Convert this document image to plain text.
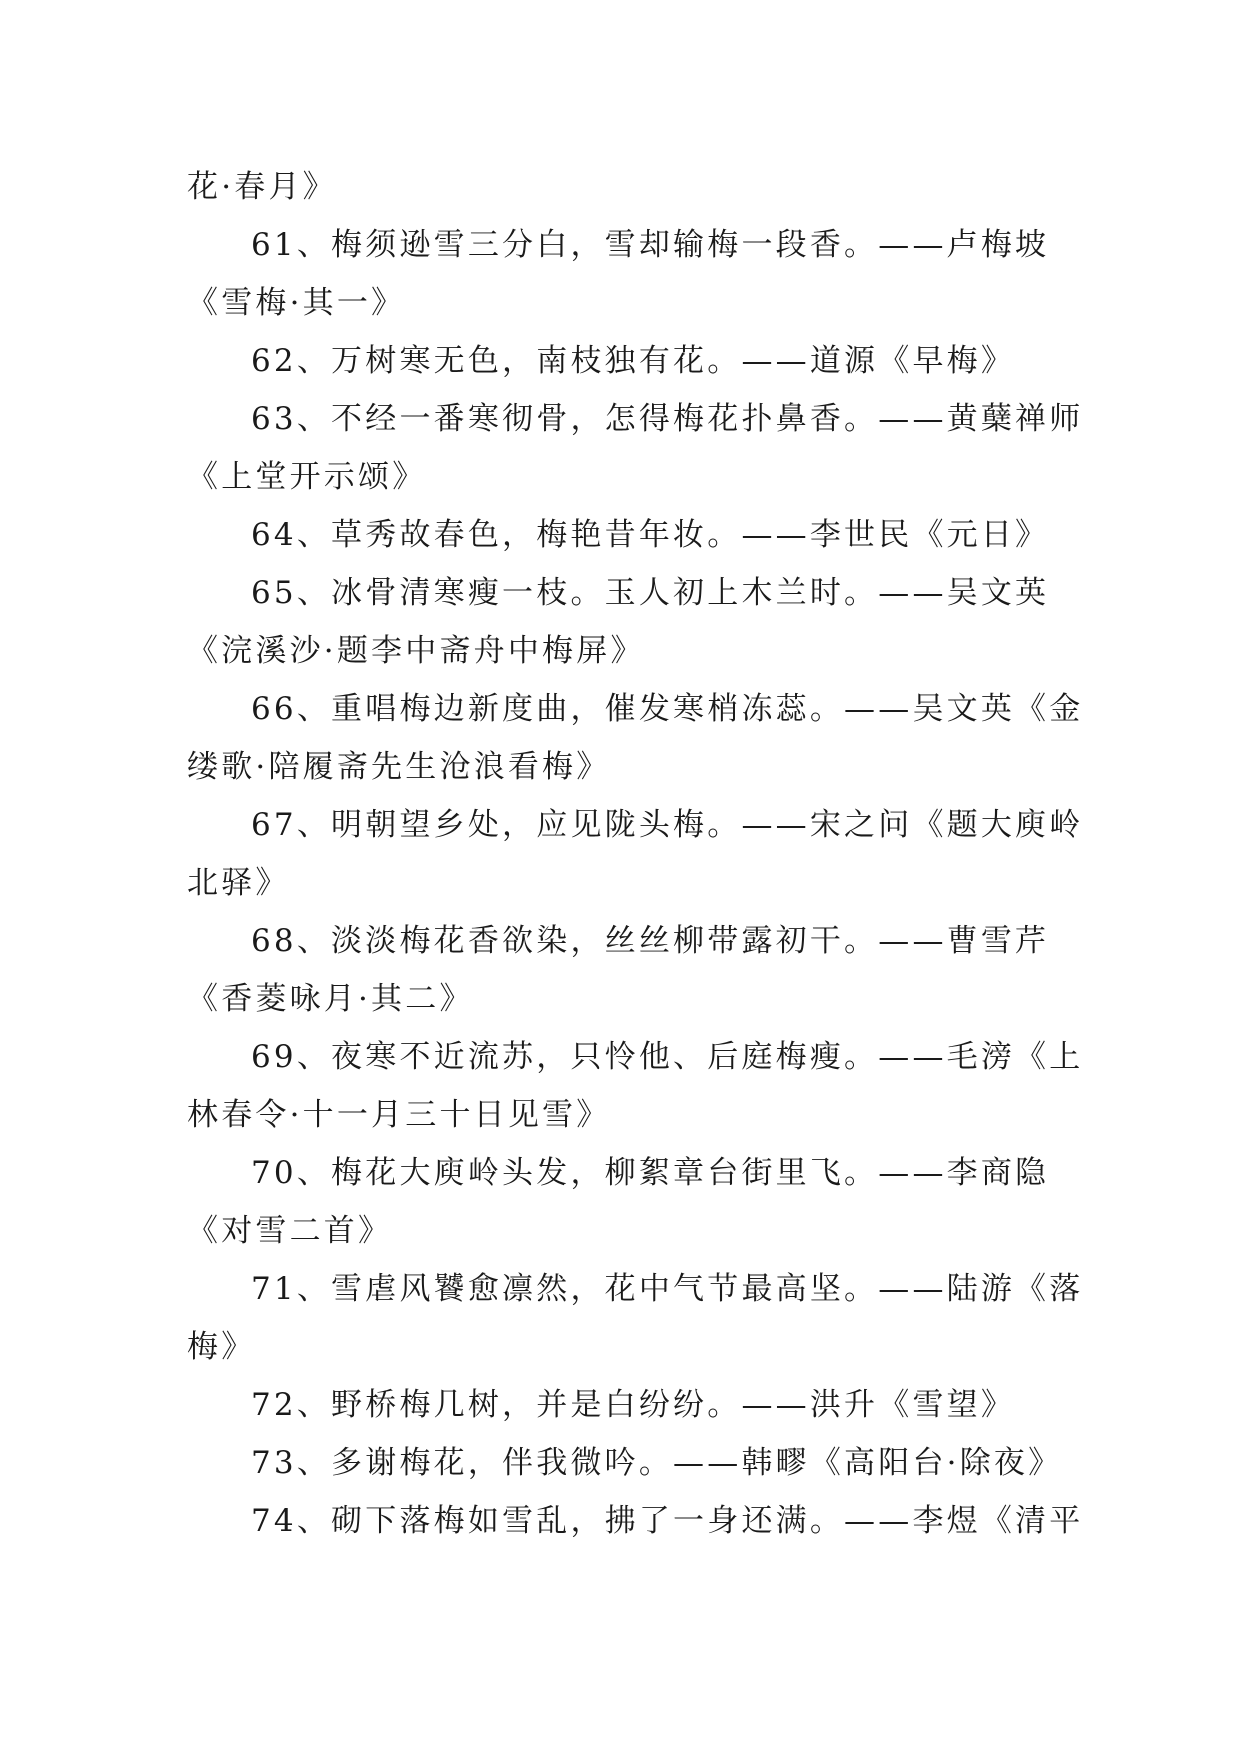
花·春月》
61、梅须逊雪三分白，雪却输梅一段香。——卢梅坡
《雪梅·其一》
62、万树寒无色，南枝独有花。——道源《早梅》
63、不经一番寒彻骨，怎得梅花扑鼻香。——黄蘖禅师
《上堂开示颂》
64、草秀故春色，梅艳昔年妆。——李世民《元日》
65、冰骨清寒瘦一枝。玉人初上木兰时。——吴文英
《浣溪沙·题李中斋舟中梅屏》
66、重唱梅边新度曲，催发寒梢冻蕊。——吴文英《金
缕歌·陪履斋先生沧浪看梅》
67、明朝望乡处，应见陇头梅。——宋之问《题大庾岭
北驿》
68、淡淡梅花香欲染，丝丝柳带露初干。——曹雪芹
《香菱咏月·其二》
69、夜寒不近流苏，只怜他、后庭梅瘦。——毛滂《上
林春令·十一月三十日见雪》
70、梅花大庾岭头发，柳絮章台街里飞。——李商隐
《对雪二首》
71、雪虐风饕愈凛然，花中气节最高坚。——陆游《落
梅》
72、野桥梅几树，并是白纷纷。——洪升《雪望》
73、多谢梅花，伴我微吟。——韩疁《高阳台·除夜》
74、砌下落梅如雪乱，拂了一身还满。——李煜《清平
